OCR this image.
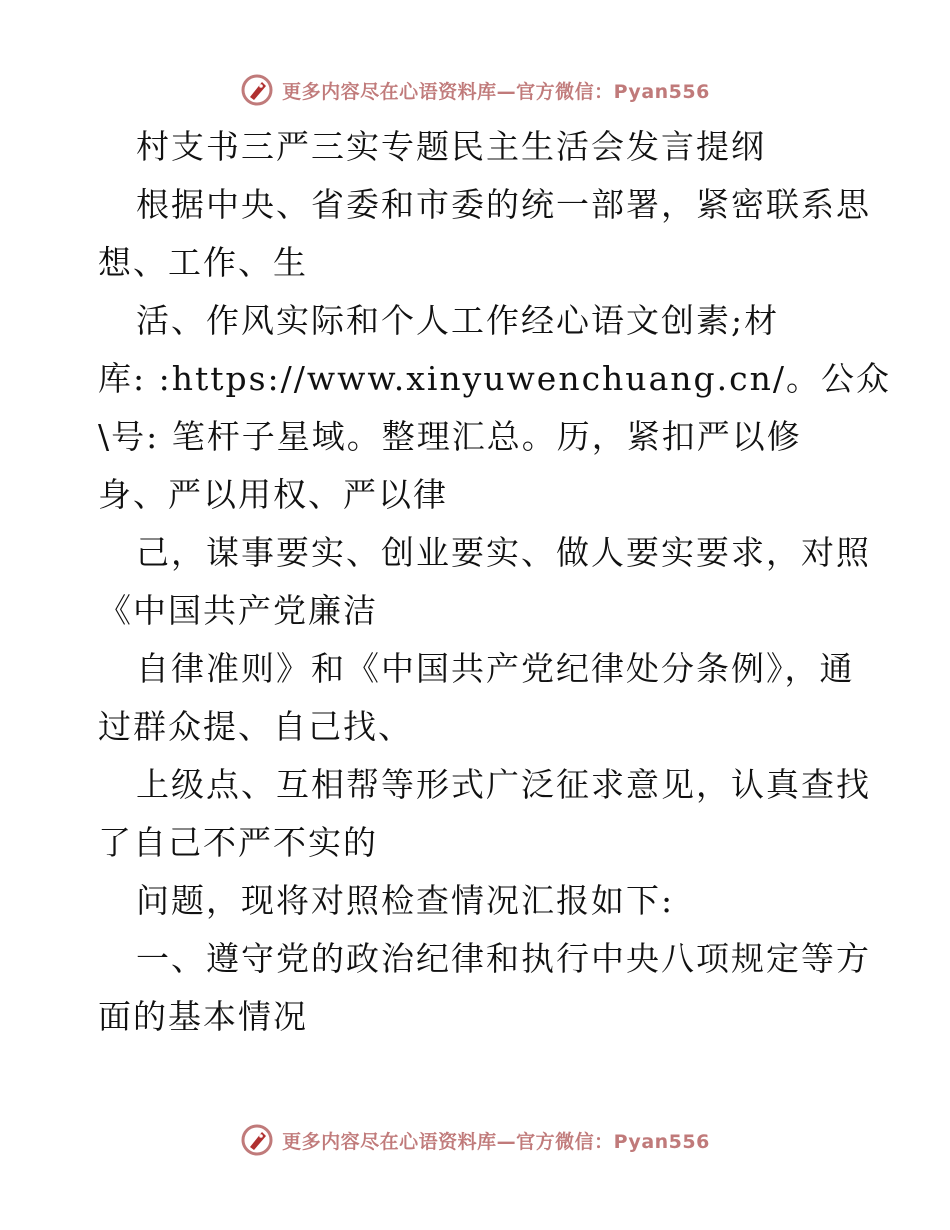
更多内容尽在心语资料库—官方微信：Pyan556
村支书三严三实专题民主生活会发言提纲
根据中央、省委和市委的统一部署，紧密联系思
想、工作、生
活、作风实际和个人工作经心语文创素;材
库: :https://www.xinyuwenchuang.cn/。公众
\号: 笔杆子星域。整理汇总。历，紧扣严以修
身、严以用权、严以律
己，谋事要实、创业要实、做人要实要求，对照
《中国共产党廉洁
自律准则》和《中国共产党纪律处分条例》，通
过群众提、自己找、
上级点、互相帮等形式广泛征求意见，认真查找
了自己不严不实的
问题，现将对照检查情况汇报如下:
一、遵守党的政治纪律和执行中央八项规定等方
面的基本情况
更多内容尽在心语资料库—官方微信：Pyan556
